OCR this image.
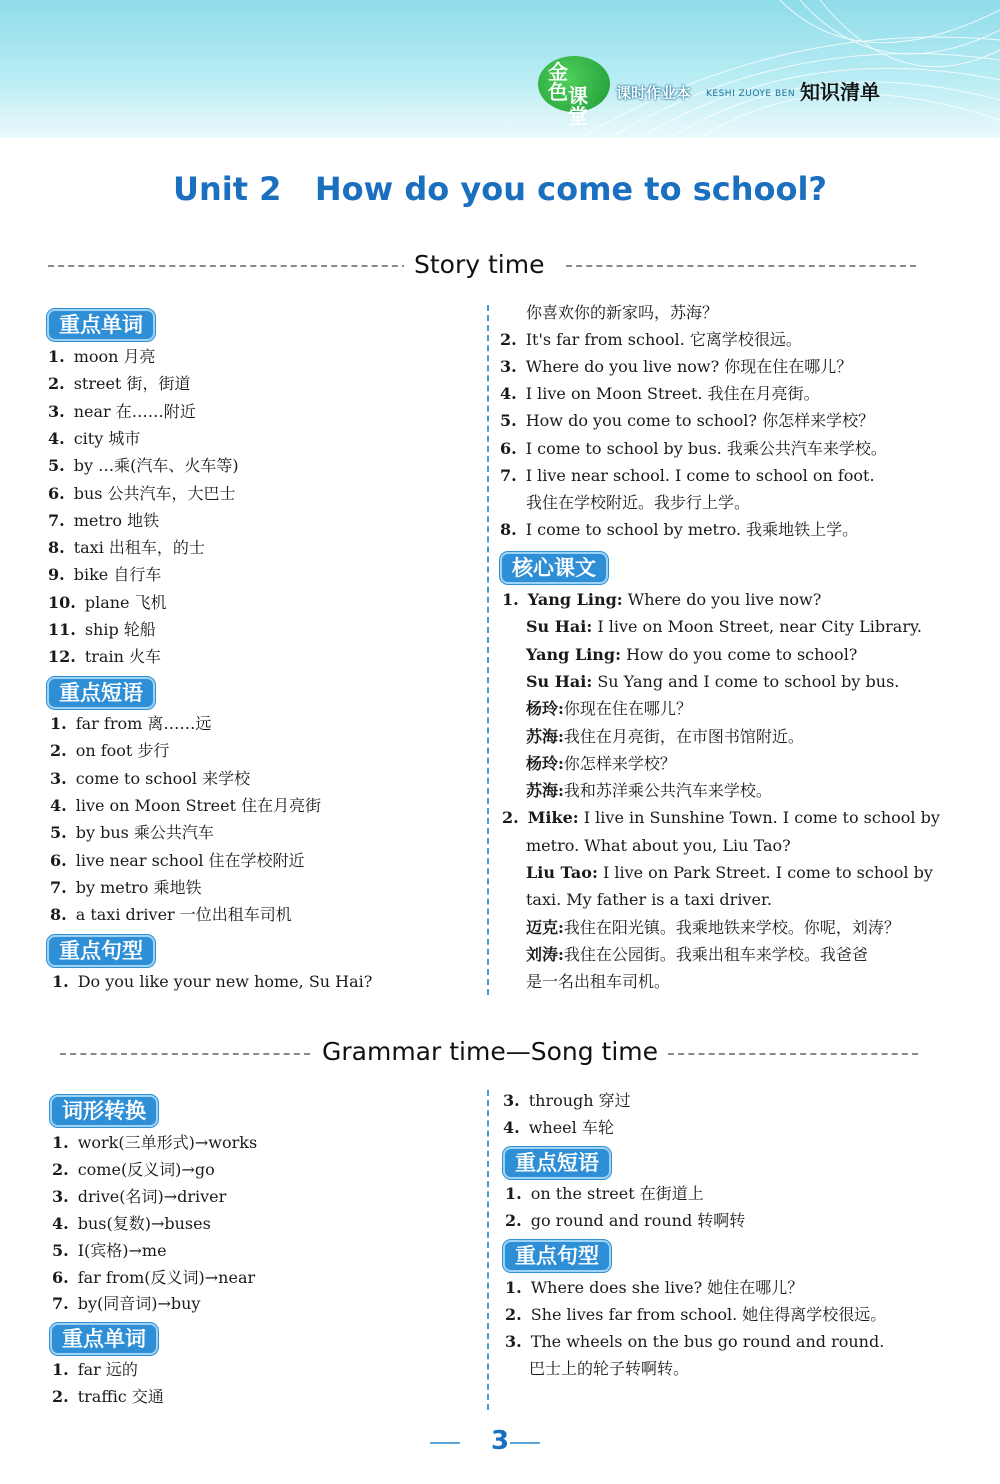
金色 课堂
课时作业本 KESHI ZUOYE BEN 知识清单
Unit 2   How do you come to school?
Story time
重点单词
1. moon 月亮
2. street 街，街道
3. near 在……附近
4. city 城市
5. by …乘(汽车、火车等)
6. bus 公共汽车，大巴士
7. metro 地铁
8. taxi 出租车，的士
9. bike 自行车
10. plane 飞机
11. ship 轮船
12. train 火车
重点短语
1. far from 离……远
2. on foot 步行
3. come to school 来学校
4. live on Moon Street 住在月亮街
5. by bus 乘公共汽车
6. live near school 住在学校附近
7. by metro 乘地铁
8. a taxi driver 一位出租车司机
重点句型
1. Do you like your new home, Su Hai?
你喜欢你的新家吗，苏海？
2. It's far from school. 它离学校很远。
3. Where do you live now? 你现在住在哪儿？
4. I live on Moon Street. 我住在月亮街。
5. How do you come to school? 你怎样来学校？
6. I come to school by bus. 我乘公共汽车来学校。
7. I live near school. I come to school on foot.
我住在学校附近。我步行上学。
8. I come to school by metro. 我乘地铁上学。
核心课文
1. Yang Ling: Where do you live now?
Su Hai: I live on Moon Street, near City Library.
Yang Ling: How do you come to school?
Su Hai: Su Yang and I come to school by bus.
杨玲:你现在住在哪儿？
苏海:我住在月亮街，在市图书馆附近。
杨玲:你怎样来学校？
苏海:我和苏洋乘公共汽车来学校。
2. Mike: I live in Sunshine Town. I come to school by
metro. What about you, Liu Tao?
Liu Tao: I live on Park Street. I come to school by
taxi. My father is a taxi driver.
迈克:我住在阳光镇。我乘地铁来学校。你呢，刘涛？
刘涛:我住在公园街。我乘出租车来学校。我爸爸
是一名出租车司机。
Grammar time—Song time
词形转换
1. work(三单形式)→works
2. come(反义词)→go
3. drive(名词)→driver
4. bus(复数)→buses
5. I(宾格)→me
6. far from(反义词)→near
7. by(同音词)→buy
重点单词
1. far 远的
2. traffic 交通
3. through 穿过
4. wheel 车轮
重点短语
1. on the street 在街道上
2. go round and round 转啊转
重点句型
1. Where does she live? 她住在哪儿？
2. She lives far from school. 她住得离学校很远。
3. The wheels on the bus go round and round.
巴士上的轮子转啊转。
3
